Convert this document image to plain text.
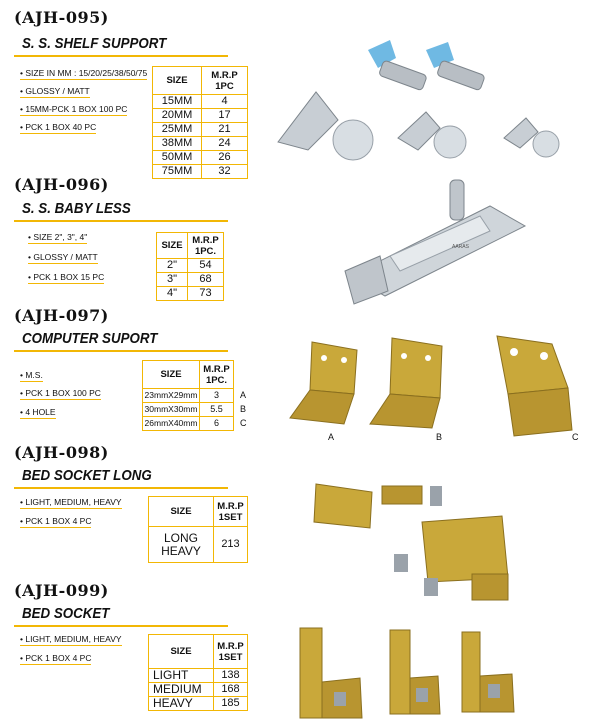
(AJH-095)
S. S. SHELF SUPPORT
• SIZE IN MM : 15/20/25/38/50/75
• GLOSSY / MATT
• 15MM-PCK 1 BOX 100 PC
• PCK 1 BOX 40 PC
SIZE	M.R.P
1PC
15MM	4
20MM	17
25MM	21
38MM	24
50MM	26
75MM	32
(AJH-096)
S. S. BABY LESS
• SIZE 2", 3", 4"
• GLOSSY / MATT
• PCK 1 BOX 15 PC
SIZE	M.R.P
1PC.
2"	54
3"	68
4"	73
AARAS
(AJH-097)
COMPUTER SUPORT
• M.S.
• PCK 1 BOX 100 PC
• 4 HOLE
SIZE	M.R.P
1PC.
23mmX29mm	3
30mmX30mm	5.5
26mmX40mm	6
A
B
C
A	B	C
(AJH-098)
BED SOCKET LONG
• LIGHT, MEDIUM, HEAVY
• PCK 1 BOX 4 PC
SIZE	M.R.P
1SET
LONG HEAVY	213
(AJH-099)
BED SOCKET
• LIGHT, MEDIUM, HEAVY
• PCK 1 BOX 4 PC
SIZE	M.R.P
1SET
LIGHT	138
MEDIUM	168
HEAVY	185
